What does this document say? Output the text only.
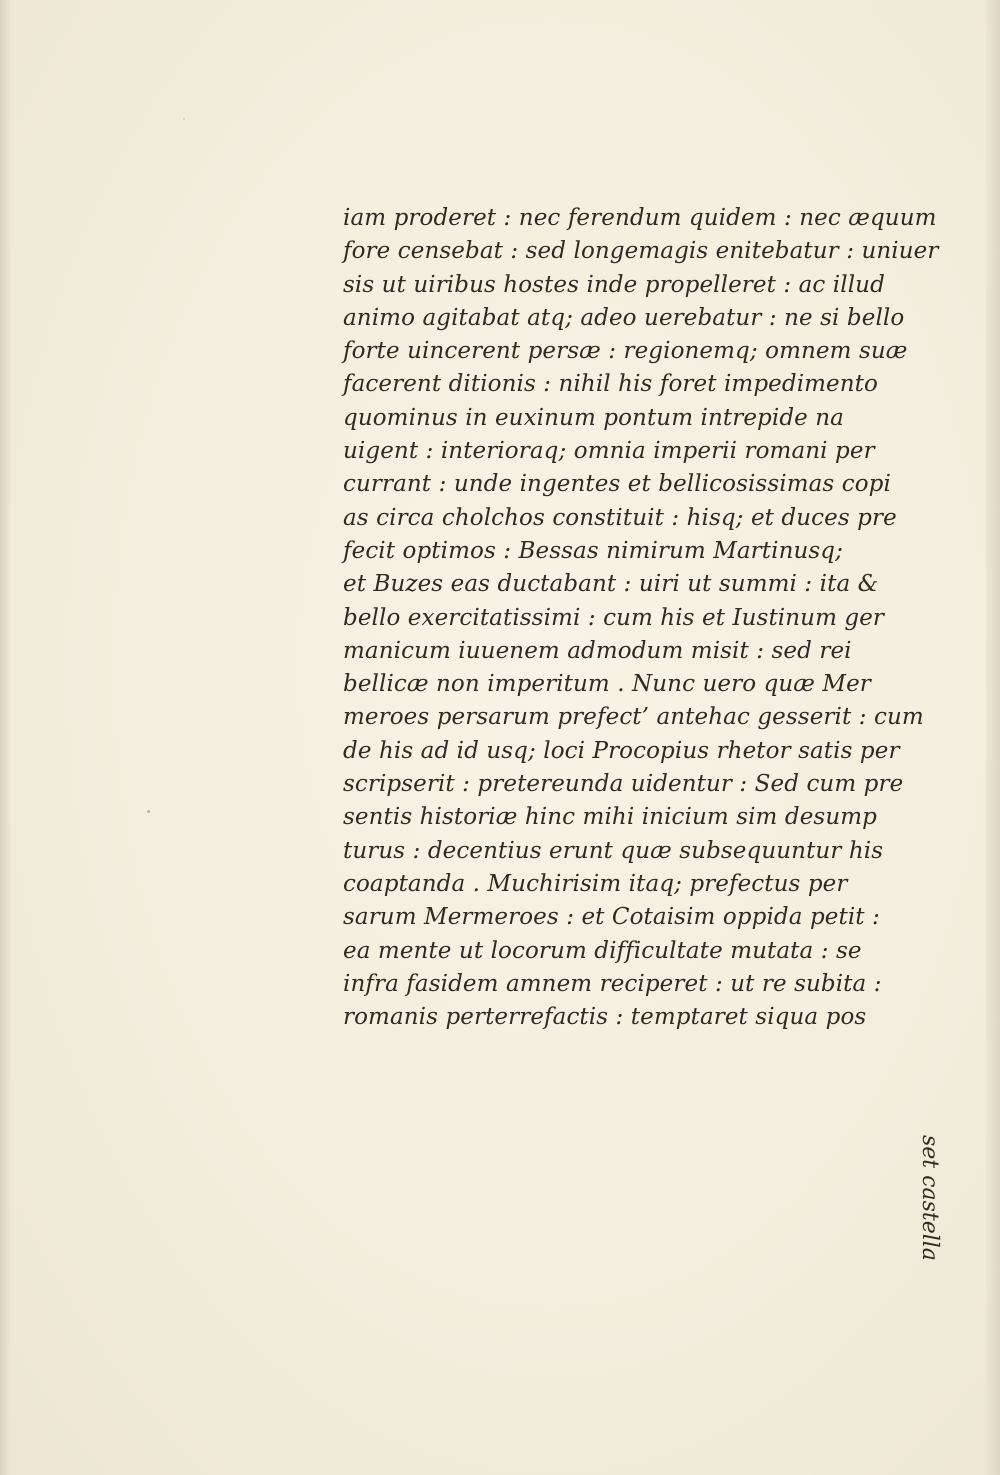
iam proderet : nec ferendum quidem : nec æquum
fore censebat : sed longemagis enitebatur : uniuer
sis ut uiribus hostes inde propelleret : ac illud
animo agitabat atq; adeo uerebatur : ne si bello
forte uincerent persæ : regionemq; omnem suæ
facerent ditionis : nihil his foret impedimento
quominus in euxinum pontum intrepide na
uigent : interioraq; omnia imperii romani per
currant : unde ingentes et bellicosissimas copi
as circa cholchos constituit : hisq; et duces pre
fecit optimos : Bessas nimirum Martinusq;
et Buzes eas ductabant : uiri ut summi : ita &
bello exercitatissimi : cum his et Iustinum ger
manicum iuuenem admodum misit : sed rei
bellicæ non imperitum . Nunc uero quæ Mer
meroes persarum prefect’ antehac gesserit : cum
de his ad id usq; loci Procopius rhetor satis per
scripserit : pretereunda uidentur : Sed cum pre
sentis historiæ hinc mihi inicium sim desump
turus : decentius erunt quæ subsequuntur his
coaptanda . Muchirisim itaq; prefectus per
sarum Mermeroes : et Cotaisim oppida petit :
ea mente ut locorum difficultate mutata : se
infra fasidem amnem reciperet : ut re subita :
romanis perterrefactis : temptaret siqua pos
set castella
